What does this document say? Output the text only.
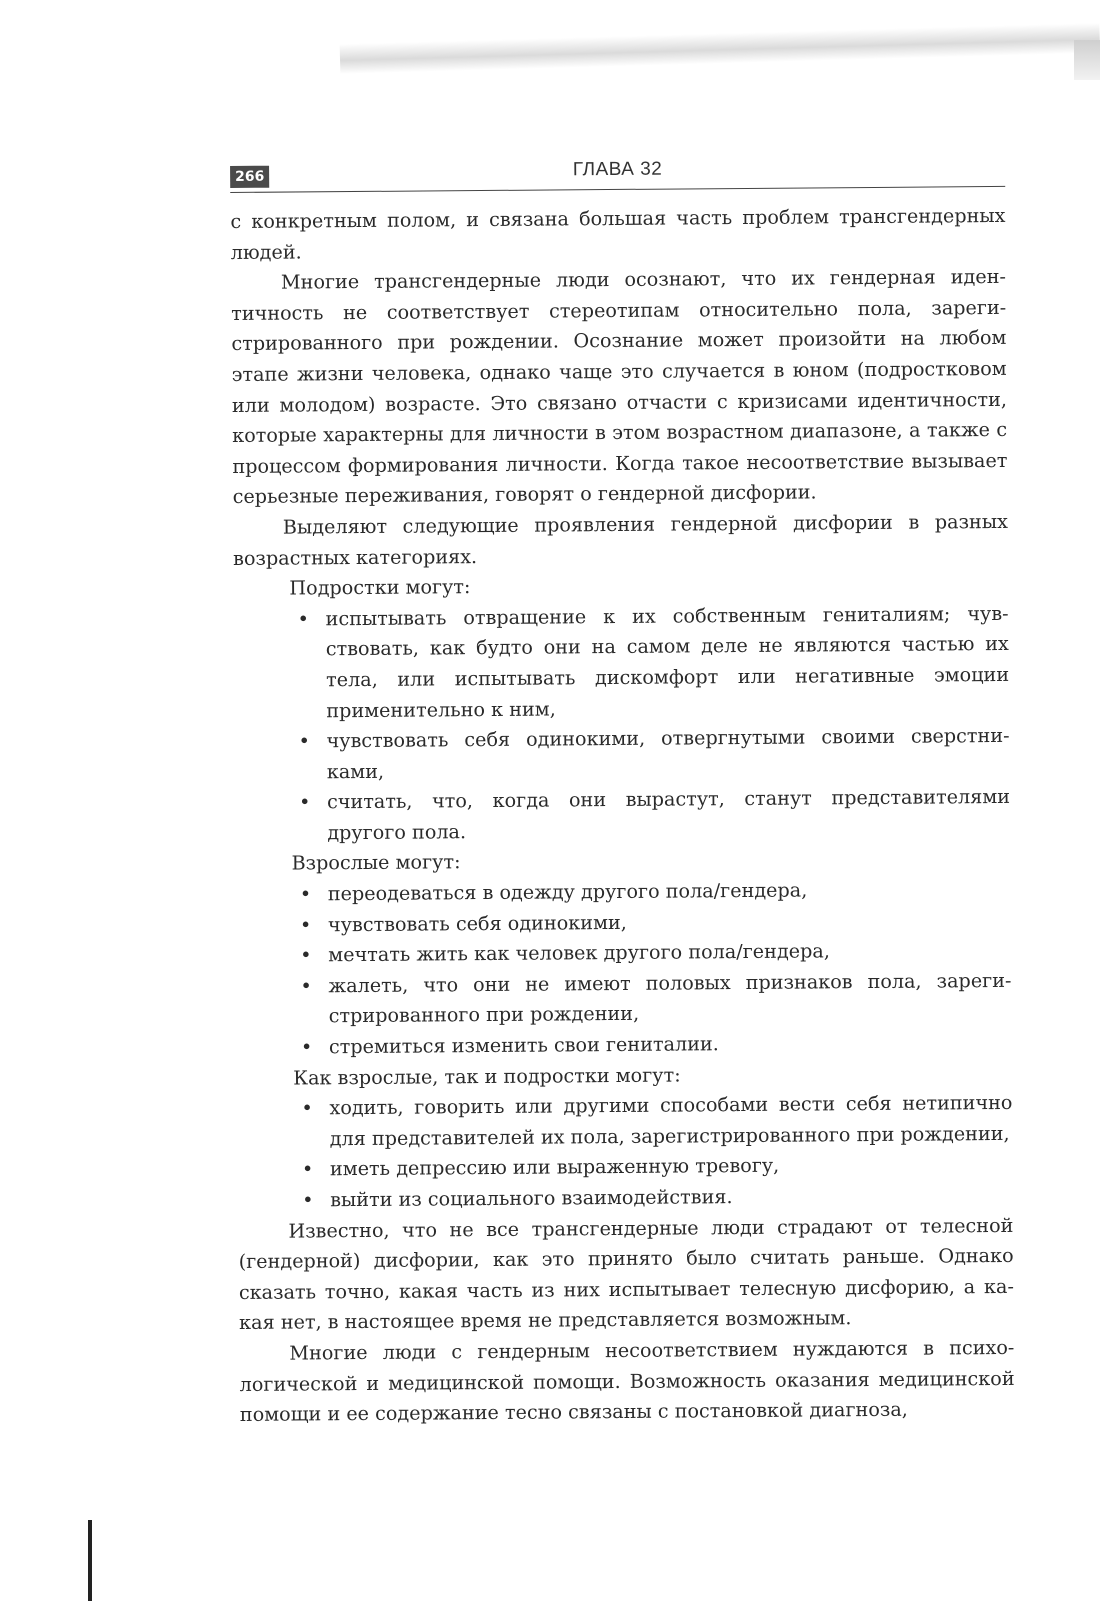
266	ГЛАВА 32

с конкретным полом, и связана большая часть проблем трансгендерных людей.

Многие трансгендерные люди осознают, что их гендерная идентичность не соответствует стереотипам относительно пола, зарегистрированного при рождении. Осознание может произойти на любом этапе жизни человека, однако чаще это случается в юном (подростковом или молодом) возрасте. Это связано отчасти с кризисами идентичности, которые характерны для личности в этом возрастном диапазоне, а также с процессом формирования личности. Когда такое несоответствие вызывает серьезные переживания, говорят о гендерной дисфории.

Выделяют следующие проявления гендерной дисфории в разных возрастных категориях.

Подростки могут:

• испытывать отвращение к их собственным гениталиям; чувствовать, как будто они на самом деле не являются частью их тела, или испытывать дискомфорт или негативные эмоции применительно к ним,
• чувствовать себя одинокими, отвергнутыми своими сверстниками,
• считать, что, когда они вырастут, станут представителями другого пола.

Взрослые могут:

• переодеваться в одежду другого пола/гендера,
• чувствовать себя одинокими,
• мечтать жить как человек другого пола/гендера,
• жалеть, что они не имеют половых признаков пола, зарегистрированного при рождении,
• стремиться изменить свои гениталии.

Как взрослые, так и подростки могут:

• ходить, говорить или другими способами вести себя нетипично для представителей их пола, зарегистрированного при рождении,
• иметь депрессию или выраженную тревогу,
• выйти из социального взаимодействия.

Известно, что не все трансгендерные люди страдают от телесной (гендерной) дисфории, как это принято было считать раньше. Однако сказать точно, какая часть из них испытывает телесную дисфорию, а какая нет, в настоящее время не представляется возможным.

Многие люди с гендерным несоответствием нуждаются в психологической и медицинской помощи. Возможность оказания медицинской помощи и ее содержание тесно связаны с постановкой диагноза,
